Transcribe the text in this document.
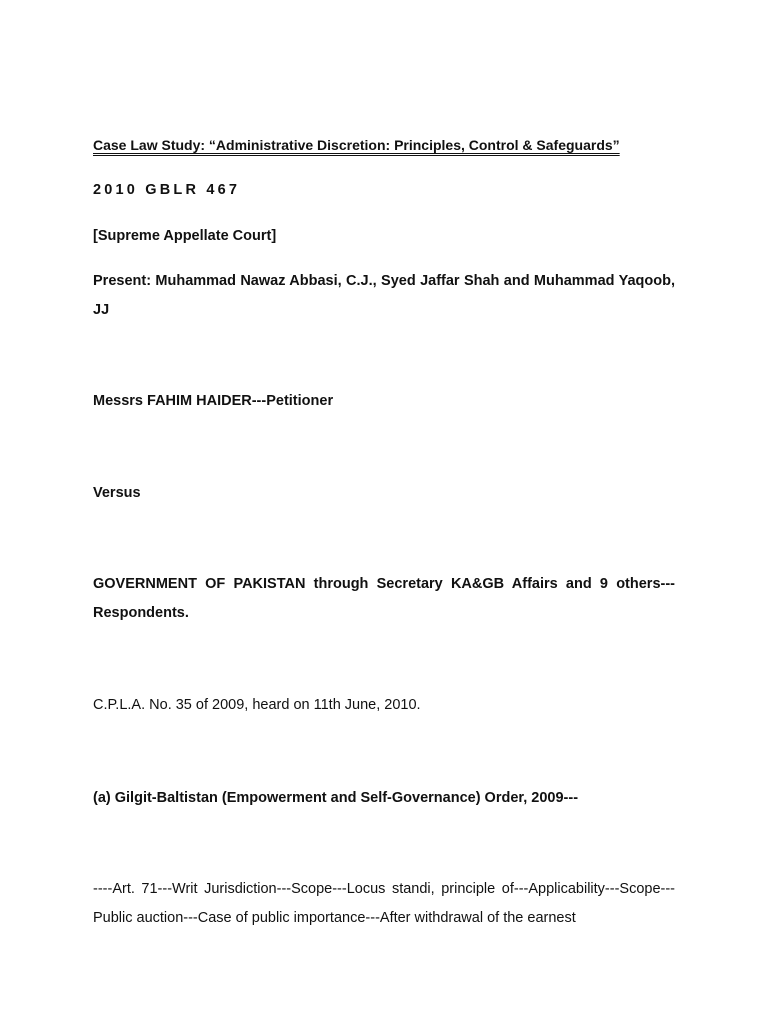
Case Law Study: “Administrative Discretion: Principles, Control & Safeguards”
2010 GBLR 467
[Supreme Appellate Court]
Present: Muhammad Nawaz Abbasi, C.J., Syed Jaffar Shah and Muhammad Yaqoob, JJ
Messrs FAHIM HAIDER---Petitioner
Versus
GOVERNMENT OF PAKISTAN through Secretary KA&GB Affairs and 9 others---Respondents.
C.P.L.A. No. 35 of 2009, heard on 11th June, 2010.
(a) Gilgit-Baltistan (Empowerment and Self-Governance) Order, 2009---
----Art. 71---Writ Jurisdiction---Scope---Locus standi, principle of---Applicability---Scope---Public auction---Case of public importance---After withdrawal of the earnest
